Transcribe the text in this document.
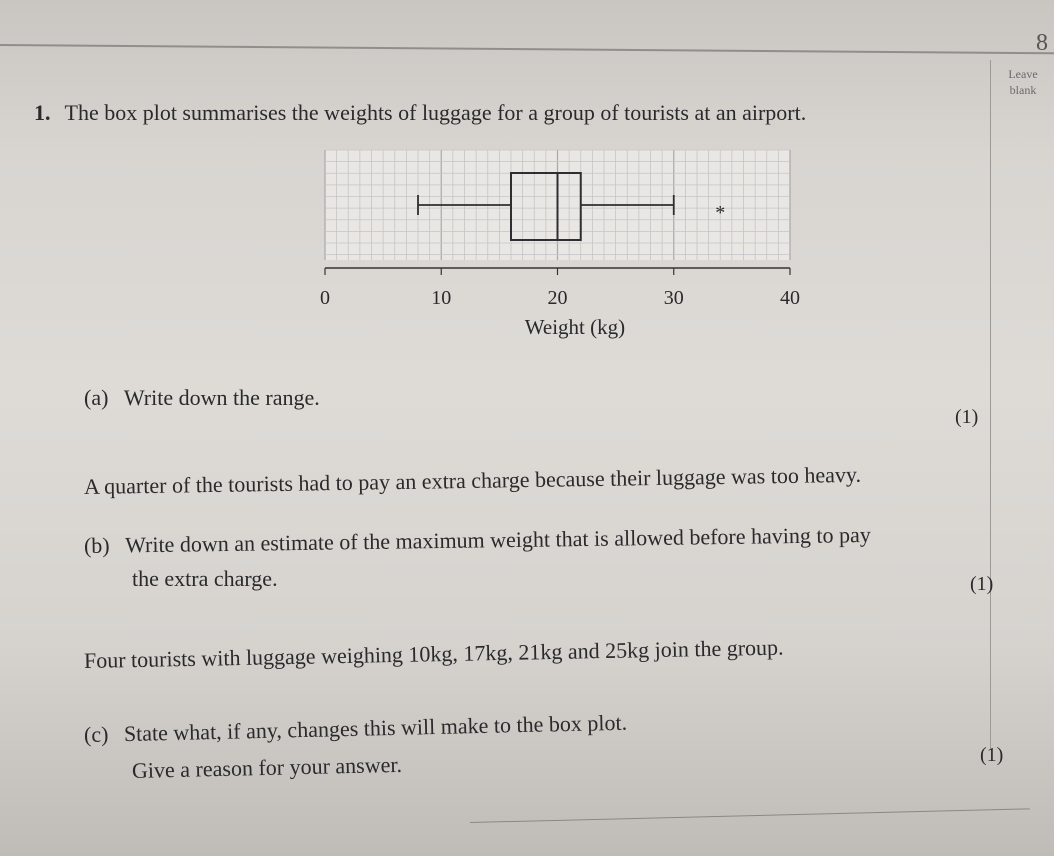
8
Leave blank
1. The box plot summarises the weights of luggage for a group of tourists at an airport.
0	10	20	30	40
Weight (kg)
*
(a) Write down the range.
(1)
A quarter of the tourists had to pay an extra charge because their luggage was too heavy.
(b) Write down an estimate of the maximum weight that is allowed before having to pay
the extra charge.	(1)
Four tourists with luggage weighing 10kg, 17kg, 21kg and 25kg join the group.
(c) State what, if any, changes this will make to the box plot.
Give a reason for your answer.	(1)
